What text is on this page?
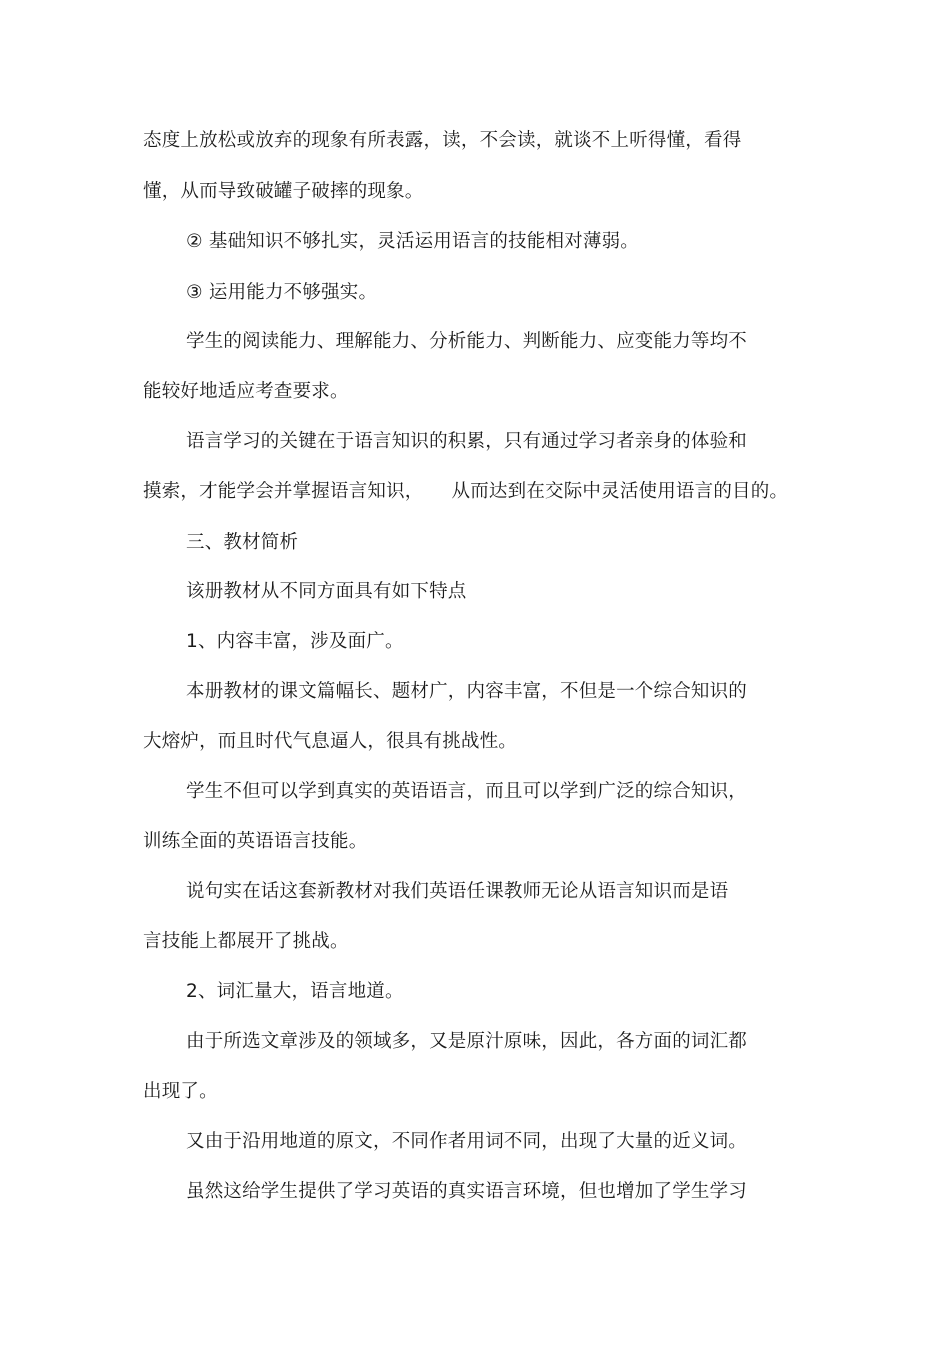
态度上放松或放弃的现象有所表露，读，不会读，就谈不上听得懂，看得
懂，从而导致破罐子破摔的现象。
② 基础知识不够扎实，灵活运用语言的技能相对薄弱。
③ 运用能力不够强实。
学生的阅读能力、理解能力、分析能力、判断能力、应变能力等均不
能较好地适应考查要求。
语言学习的关键在于语言知识的积累，只有通过学习者亲身的体验和
摸索，才能学会并掌握语言知识， 从而达到在交际中灵活使用语言的目的。
三、教材简析
该册教材从不同方面具有如下特点
1、内容丰富，涉及面广。
本册教材的课文篇幅长、题材广，内容丰富，不但是一个综合知识的
大熔炉，而且时代气息逼人，很具有挑战性。
学生不但可以学到真实的英语语言，而且可以学到广泛的综合知识，
训练全面的英语语言技能。
说句实在话这套新教材对我们英语任课教师无论从语言知识而是语
言技能上都展开了挑战。
2、词汇量大，语言地道。
由于所选文章涉及的领域多，又是原汁原味，因此，各方面的词汇都
出现了。
又由于沿用地道的原文，不同作者用词不同，出现了大量的近义词。
虽然这给学生提供了学习英语的真实语言环境，但也增加了学生学习
